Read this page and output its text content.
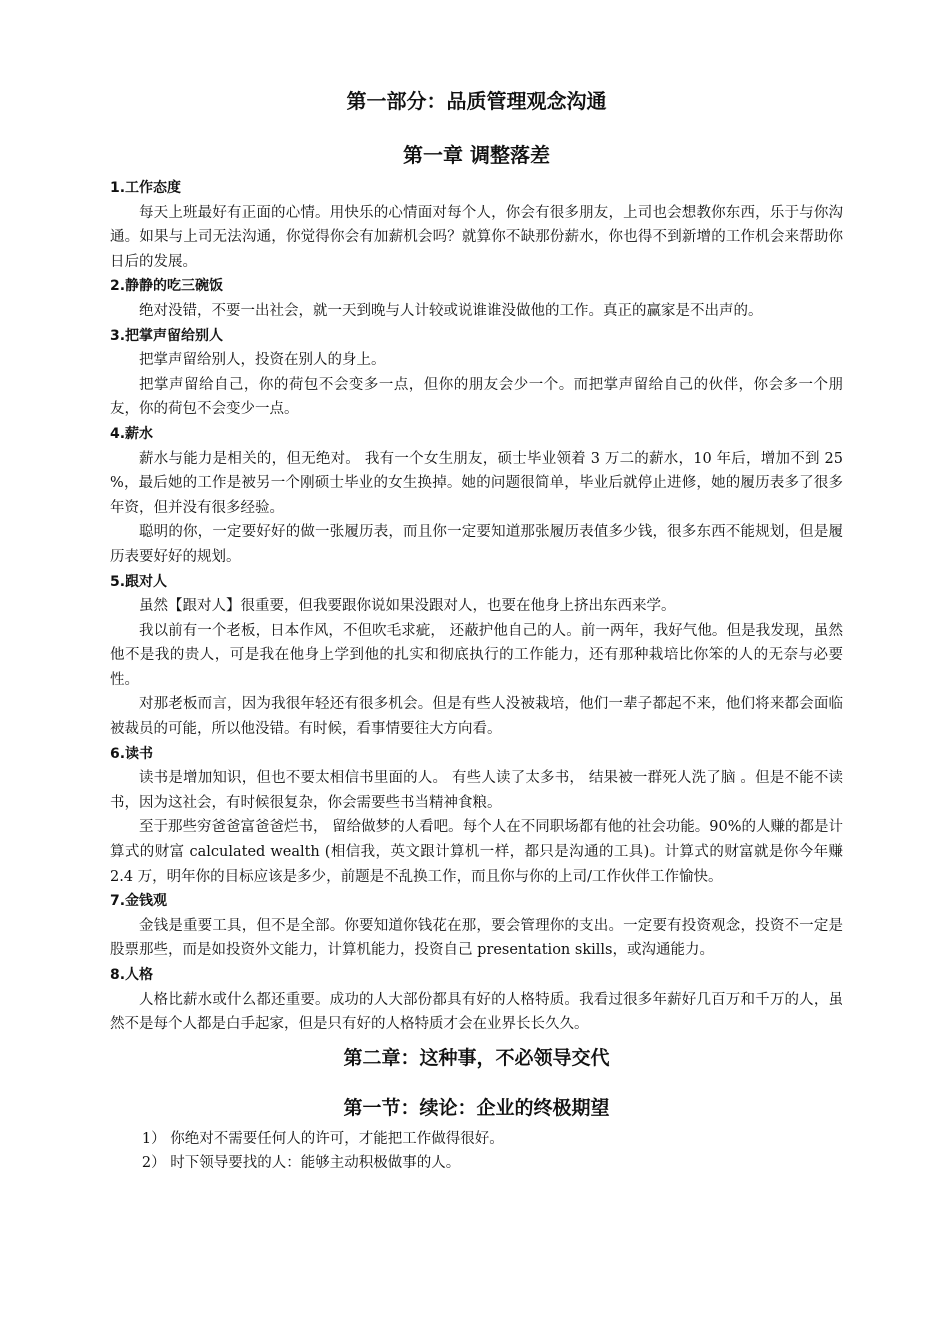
第一部分：品质管理观念沟通
第一章 调整落差
1.工作态度

每天上班最好有正面的心情。用快乐的心情面对每个人，你会有很多朋友，上司也会想教你东西，乐于与你沟通。如果与上司无法沟通，你觉得你会有加薪机会吗？就算你不缺那份薪水，你也得不到新增的工作机会来帮助你日后的发展。

2.静静的吃三碗饭

绝对没错，不要一出社会，就一天到晚与人计较或说谁谁没做他的工作。真正的赢家是不出声的。

3.把掌声留给别人

把掌声留给别人，投资在别人的身上。

把掌声留给自己，你的荷包不会变多一点，但你的朋友会少一个。而把掌声留给自己的伙伴，你会多一个朋友，你的荷包不会变少一点。

4.薪水

薪水与能力是相关的，但无绝对。 我有一个女生朋友，硕士毕业领着 3 万二的薪水，10 年后，增加不到 25 %，最后她的工作是被另一个刚硕士毕业的女生换掉。她的问题很简单，毕业后就停止进修，她的履历表多了很多年资，但并没有很多经验。

聪明的你，一定要好好的做一张履历表，而且你一定要知道那张履历表值多少钱，很多东西不能规划，但是履历表要好好的规划。

5.跟对人

虽然【跟对人】很重要，但我要跟你说如果没跟对人，也要在他身上挤出东西来学。

我以前有一个老板，日本作风，不但吹毛求疵， 还蔽护他自己的人。前一两年，我好气他。但是我发现，虽然他不是我的贵人，可是我在他身上学到他的扎实和彻底执行的工作能力，还有那种栽培比你笨的人的无奈与必要性。

对那老板而言，因为我很年轻还有很多机会。但是有些人没被栽培，他们一辈子都起不来，他们将来都会面临被裁员的可能，所以他没错。有时候，看事情要往大方向看。

6.读书

读书是增加知识，但也不要太相信书里面的人。 有些人读了太多书， 结果被一群死人洗了脑 。但是不能不读书，因为这社会，有时候很复杂，你会需要些书当精神食粮。

至于那些穷爸爸富爸爸烂书， 留给做梦的人看吧。每个人在不同职场都有他的社会功能。90%的人赚的都是计算式的财富 calculated wealth (相信我，英文跟计算机一样，都只是沟通的工具)。计算式的财富就是你今年赚 2.4 万，明年你的目标应该是多少，前题是不乱换工作，而且你与你的上司/工作伙伴工作愉快。

7.金钱观

金钱是重要工具，但不是全部。你要知道你钱花在那，要会管理你的支出。一定要有投资观念，投资不一定是股票那些，而是如投资外文能力，计算机能力，投资自己 presentation skills，或沟通能力。

8.人格

人格比薪水或什么都还重要。成功的人大部份都具有好的人格特质。我看过很多年薪好几百万和千万的人，虽然不是每个人都是白手起家，但是只有好的人格特质才会在业界长长久久。

第二章：这种事，不必领导交代
第一节：续论：企业的终极期望

1） 你绝对不需要任何人的许可，才能把工作做得很好。

2） 时下领导要找的人：能够主动积极做事的人。
